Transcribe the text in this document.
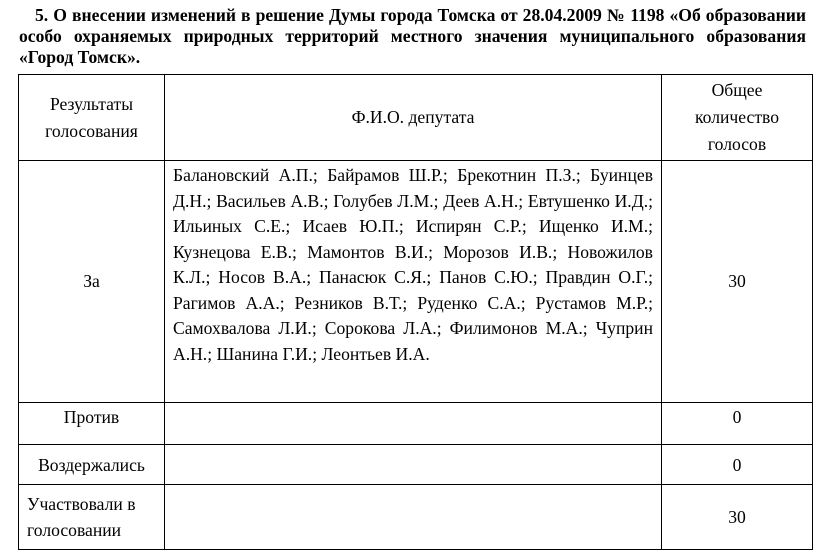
5. О внесении изменений в решение Думы города Томска от 28.04.2009 № 1198 «Об образовании особо охраняемых природных территорий местного значения муниципального образования «Город Томск».
Результаты голосования	Ф.И.О. депутата	Общее количество голосов
За	Балановский А.П.; Байрамов Ш.Р.; Брекотнин П.З.; Буинцев Д.Н.; Васильев А.В.; Голубев Л.М.; Деев А.Н.; Евтушенко И.Д.; Ильиных С.Е.; Исаев Ю.П.; Испирян С.Р.; Ищенко И.М.; Кузнецова Е.В.; Мамонтов В.И.; Морозов И.В.; Новожилов К.Л.; Носов В.А.; Панасюк С.Я.; Панов С.Ю.; Правдин О.Г.; Рагимов А.А.; Резников В.Т.; Руденко С.А.; Рустамов М.Р.; Самохвалова Л.И.; Сорокова Л.А.; Филимонов М.А.; Чуприн А.Н.; Шанина Г.И.; Леонтьев И.А.	30
Против		0
Воздержались		0
Участвовали в голосовании		30
